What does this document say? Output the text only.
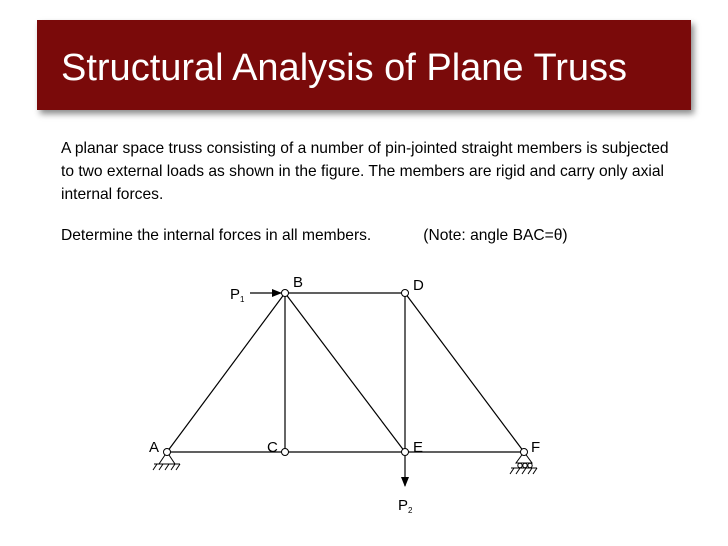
Structural Analysis of Plane Truss
A planar space truss consisting of a number of pin-jointed straight members is subjected to two external loads as shown in the figure. The members are rigid and carry only axial internal forces.
Determine the internal forces in all members.	(Note: angle BAC=θ)
A
B
C
D
E	F
P 1
P 2
